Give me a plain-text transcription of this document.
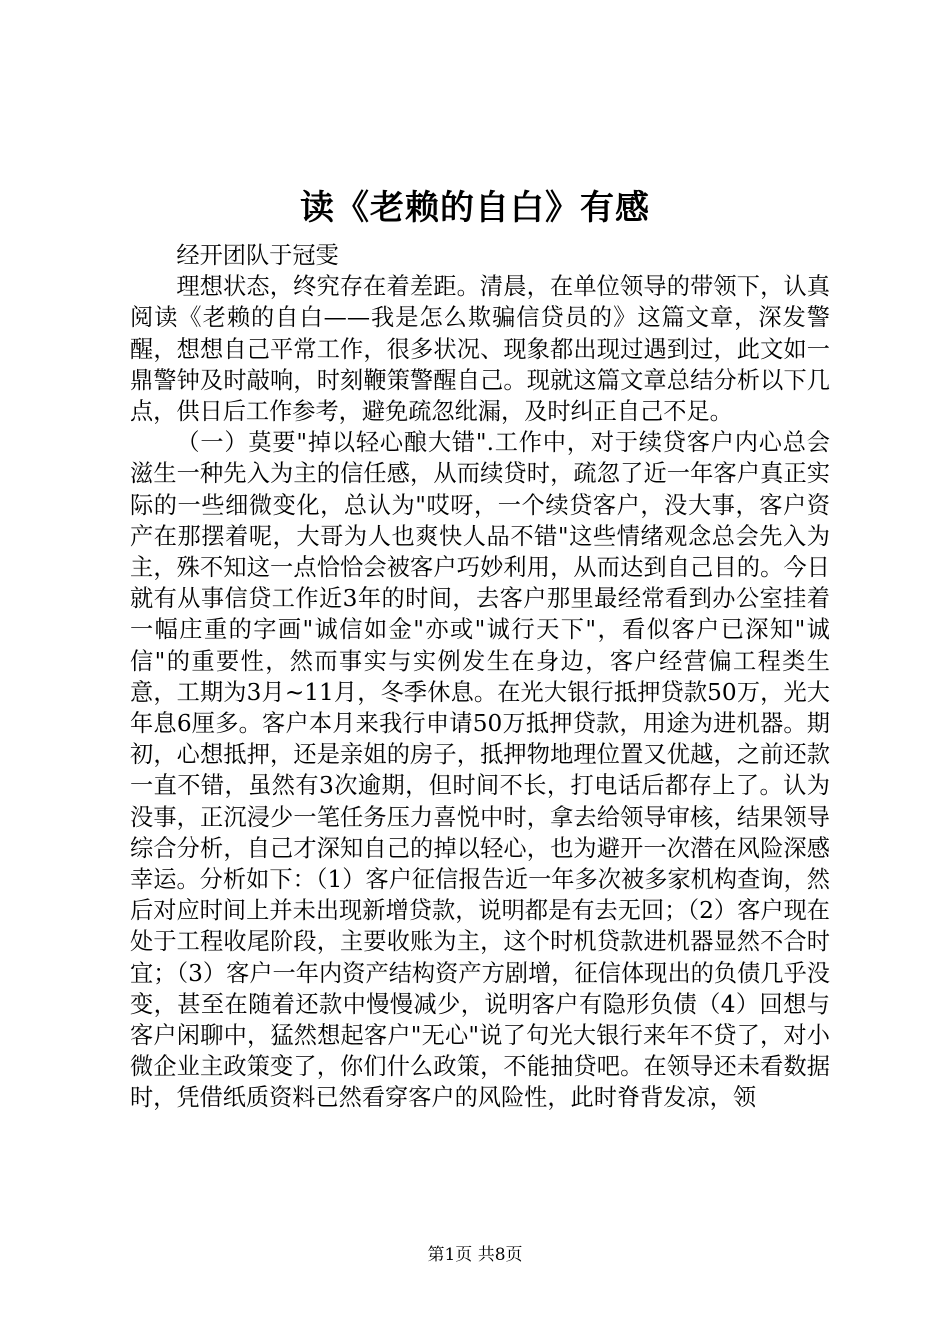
读《老赖的自白》有感

经开团队于冠雯

理想状态，终究存在着差距。清晨，在单位领导的带领下，认真阅读《老赖的自白——我是怎么欺骗信贷员的》这篇文章，深发警醒，想想自己平常工作，很多状况、现象都出现过遇到过，此文如一鼎警钟及时敲响，时刻鞭策警醒自己。现就这篇文章总结分析以下几点，供日后工作参考，避免疏忽纰漏，及时纠正自己不足。

（一）莫要"掉以轻心酿大错".工作中，对于续贷客户内心总会滋生一种先入为主的信任感，从而续贷时，疏忽了近一年客户真正实际的一些细微变化，总认为"哎呀，一个续贷客户，没大事，客户资产在那摆着呢，大哥为人也爽快人品不错"这些情绪观念总会先入为主，殊不知这一点恰恰会被客户巧妙利用，从而达到自己目的。今日就有从事信贷工作近3年的时间，去客户那里最经常看到办公室挂着一幅庄重的字画"诚信如金"亦或"诚行天下"，看似客户已深知"诚信"的重要性，然而事实与实例发生在身边，客户经营偏工程类生意，工期为3月~11月，冬季休息。在光大银行抵押贷款50万，光大年息6厘多。客户本月来我行申请50万抵押贷款，用途为进机器。期初，心想抵押，还是亲姐的房子，抵押物地理位置又优越，之前还款一直不错，虽然有3次逾期，但时间不长，打电话后都存上了。认为没事，正沉浸少一笔任务压力喜悦中时，拿去给领导审核，结果领导综合分析，自己才深知自己的掉以轻心，也为避开一次潜在风险深感幸运。分析如下：（1）客户征信报告近一年多次被多家机构查询，然后对应时间上并未出现新增贷款，说明都是有去无回；（2）客户现在处于工程收尾阶段，主要收账为主，这个时机贷款进机器显然不合时宜；（3）客户一年内资产结构资产方剧增，征信体现出的负债几乎没变，甚至在随着还款中慢慢减少，说明客户有隐形负债（4）回想与客户闲聊中，猛然想起客户"无心"说了句光大银行来年不贷了，对小微企业主政策变了，你们什么政策，不能抽贷吧。在领导还未看数据时，凭借纸质资料已然看穿客户的风险性，此时脊背发凉，领

第1页 共8页
